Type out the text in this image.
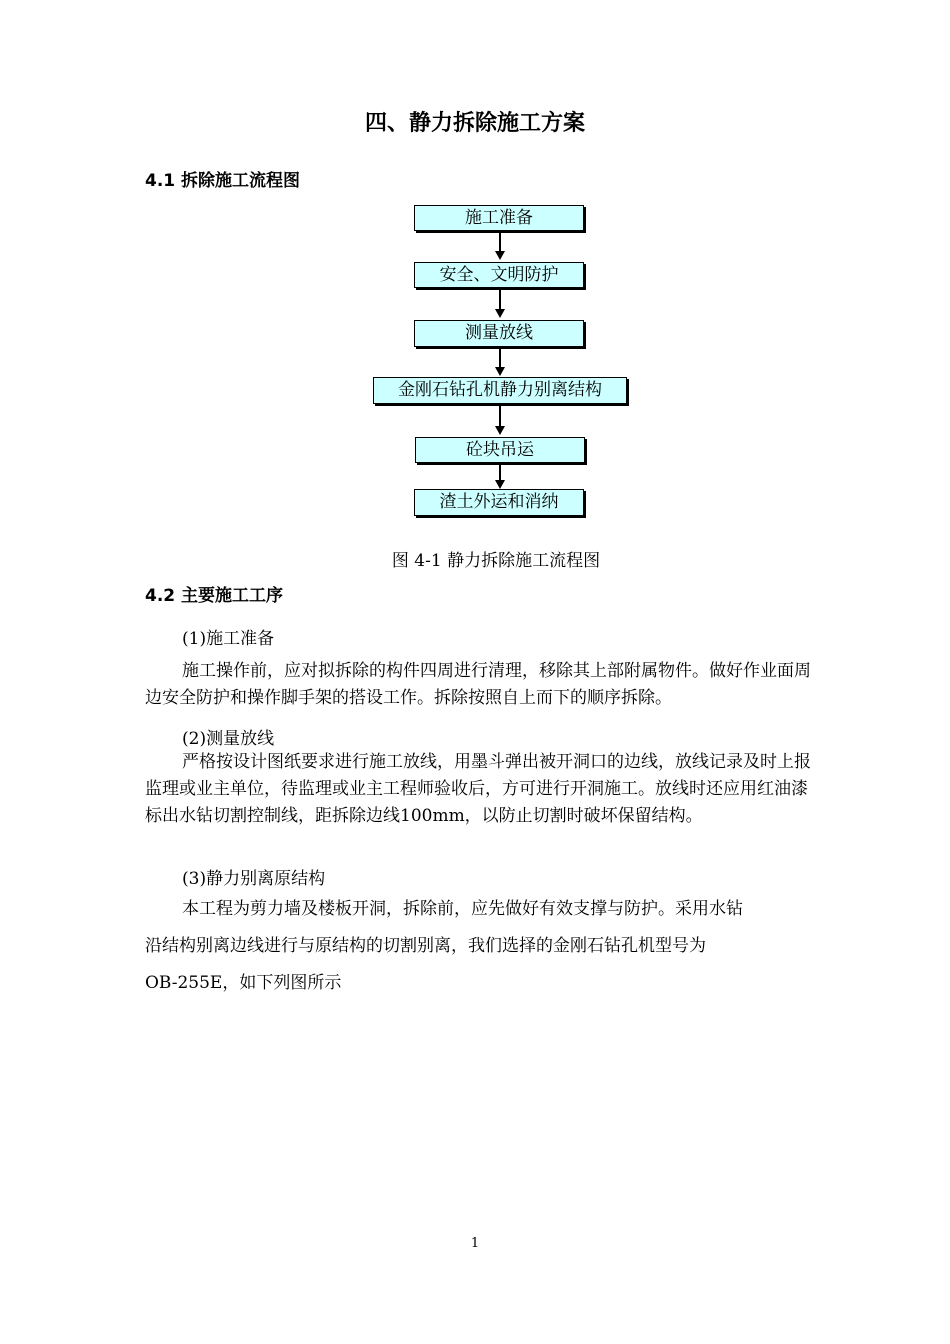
四、静力拆除施工方案
4.1 拆除施工流程图
施工准备
安全、文明防护
测量放线
金刚石钻孔机静力别离结构
砼块吊运
渣土外运和消纳
图 4-1 静力拆除施工流程图
4.2 主要施工工序
(1)施工准备

施工操作前，应对拟拆除的构件四周进行清理，移除其上部附属物件。做好作业面周边安全防护和操作脚手架的搭设工作。拆除按照自上而下的顺序拆除。

(2)测量放线

严格按设计图纸要求进行施工放线，用墨斗弹出被开洞口的边线，放线记录及时上报监理或业主单位，待监理或业主工程师验收后，方可进行开洞施工。放线时还应用红油漆标出水钻切割控制线，距拆除边线100mm，以防止切割时破坏保留结构。

(3)静力别离原结构
本工程为剪力墙及楼板开洞，拆除前，应先做好有效支撑与防护。采用水钻
沿结构别离边线进行与原结构的切割别离，我们选择的金刚石钻孔机型号为
OB-255E，如下列图所示
1
